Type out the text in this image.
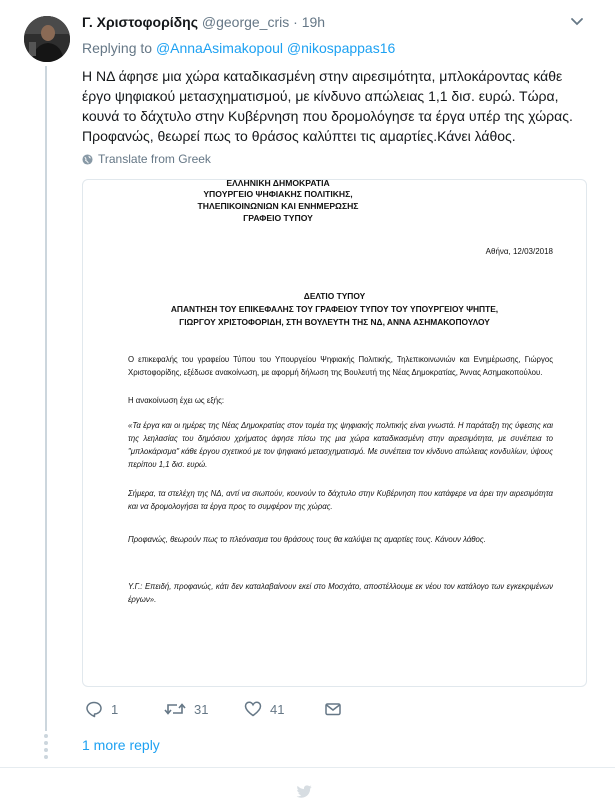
Γ. Χριστοφορίδης @george_cris · 19h
Replying to @AnnaAsimakopoul @nikospappas16
Η ΝΔ άφησε μια χώρα καταδικασμένη στην αιρεσιμότητα, μπλοκάροντας κάθε έργο ψηφιακού μετασχηματισμού, με κίνδυνο απώλειας 1,1 δισ. ευρώ. Τώρα, κουνά το δάχτυλο στην Κυβέρνηση που δρομολόγησε τα έργα υπέρ της χώρας. Προφανώς, θεωρεί πως το θράσος καλύπτει τις αμαρτίες.Κάνει λάθος.
Translate from Greek
ΕΛΛΗΝΙΚΗ ΔΗΜΟΚΡΑΤΙΑ
ΥΠΟΥΡΓΕΙΟ ΨΗΦΙΑΚΗΣ ΠΟΛΙΤΙΚΗΣ,
ΤΗΛΕΠΙΚΟΙΝΩΝΙΩΝ ΚΑΙ ΕΝΗΜΕΡΩΣΗΣ
ΓΡΑΦΕΙΟ ΤΥΠΟΥ
Αθήνα, 12/03/2018
ΔΕΛΤΙΟ ΤΥΠΟΥ
ΑΠΑΝΤΗΣΗ ΤΟΥ ΕΠΙΚΕΦΑΛΗΣ ΤΟΥ ΓΡΑΦΕΙΟΥ ΤΥΠΟΥ ΤΟΥ ΥΠΟΥΡΓΕΙΟΥ ΨΗΠΤΕ,
ΓΙΩΡΓΟΥ ΧΡΙΣΤΟΦΟΡΙΔΗ, ΣΤΗ ΒΟΥΛΕΥΤΗ ΤΗΣ ΝΔ, ΑΝΝΑ ΑΣΗΜΑΚΟΠΟΥΛΟΥ
Ο επικεφαλής του γραφείου Τύπου του Υπουργείου Ψηφιακής Πολιτικής, Τηλεπικοινωνιών και Ενημέρωσης, Γιώργος Χριστοφορίδης, εξέδωσε ανακοίνωση, με αφορμή δήλωση της Βουλευτή της Νέας Δημοκρατίας, Άννας Ασημακοπούλου.
Η ανακοίνωση έχει ως εξής:
«Τα έργα και οι ημέρες της Νέας Δημοκρατίας στον τομέα της ψηφιακής πολιτικής είναι γνωστά. Η παράταξη της ύφεσης και της λεηλασίας του δημόσιου χρήματος άφησε πίσω της μια χώρα καταδικασμένη στην αιρεσιμότητα, με συνέπεια το "μπλοκάρισμα" κάθε έργου σχετικού με τον ψηφιακό μετασχηματισμό. Με συνέπεια τον κίνδυνο απώλειας κονδυλίων, ύψους περίπου 1,1 δισ. ευρώ.
Σήμερα, τα στελέχη της ΝΔ, αντί να σιωπούν, κουνούν το δάχτυλο στην Κυβέρνηση που κατάφερε να άρει την αιρεσιμότητα και να δρομολογήσει τα έργα προς το συμφέρον της χώρας.
Προφανώς, θεωρούν πως το πλεόνασμα του θράσους τους θα καλύψει τις αμαρτίες τους. Κάνουν λάθος.
Υ.Γ.: Επειδή, προφανώς, κάτι δεν καταλαβαίνουν εκεί στο Μοσχάτο, αποστέλλουμε εκ νέου τον κατάλογο των εγκεκριμένων έργων».
1	31	41
1 more reply
